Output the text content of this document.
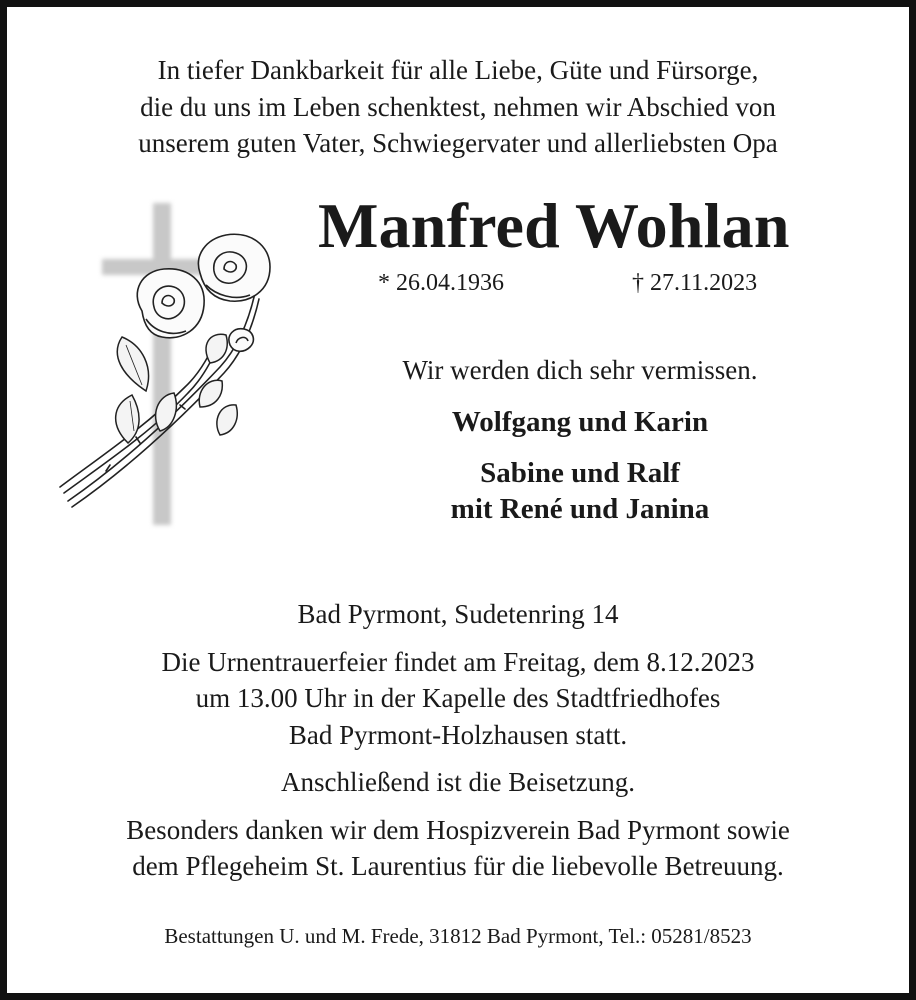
In tiefer Dankbarkeit für alle Liebe, Güte und Fürsorge,
die du uns im Leben schenktest, nehmen wir Abschied von
unserem guten Vater, Schwiegervater und allerliebsten Opa
Manfred Wohlan
* 26.04.1936	† 27.11.2023
Wir werden dich sehr vermissen.
Wolfgang und Karin
Sabine und Ralf
mit René und Janina
Bad Pyrmont, Sudetenring 14
Die Urnentrauerfeier findet am Freitag, dem 8.12.2023
um 13.00 Uhr in der Kapelle des Stadtfriedhofes
Bad Pyrmont-Holzhausen statt.
Anschließend ist die Beisetzung.
Besonders danken wir dem Hospizverein Bad Pyrmont sowie
dem Pflegeheim St. Laurentius für die liebevolle Betreuung.
Bestattungen U. und M. Frede, 31812 Bad Pyrmont, Tel.: 05281/8523
